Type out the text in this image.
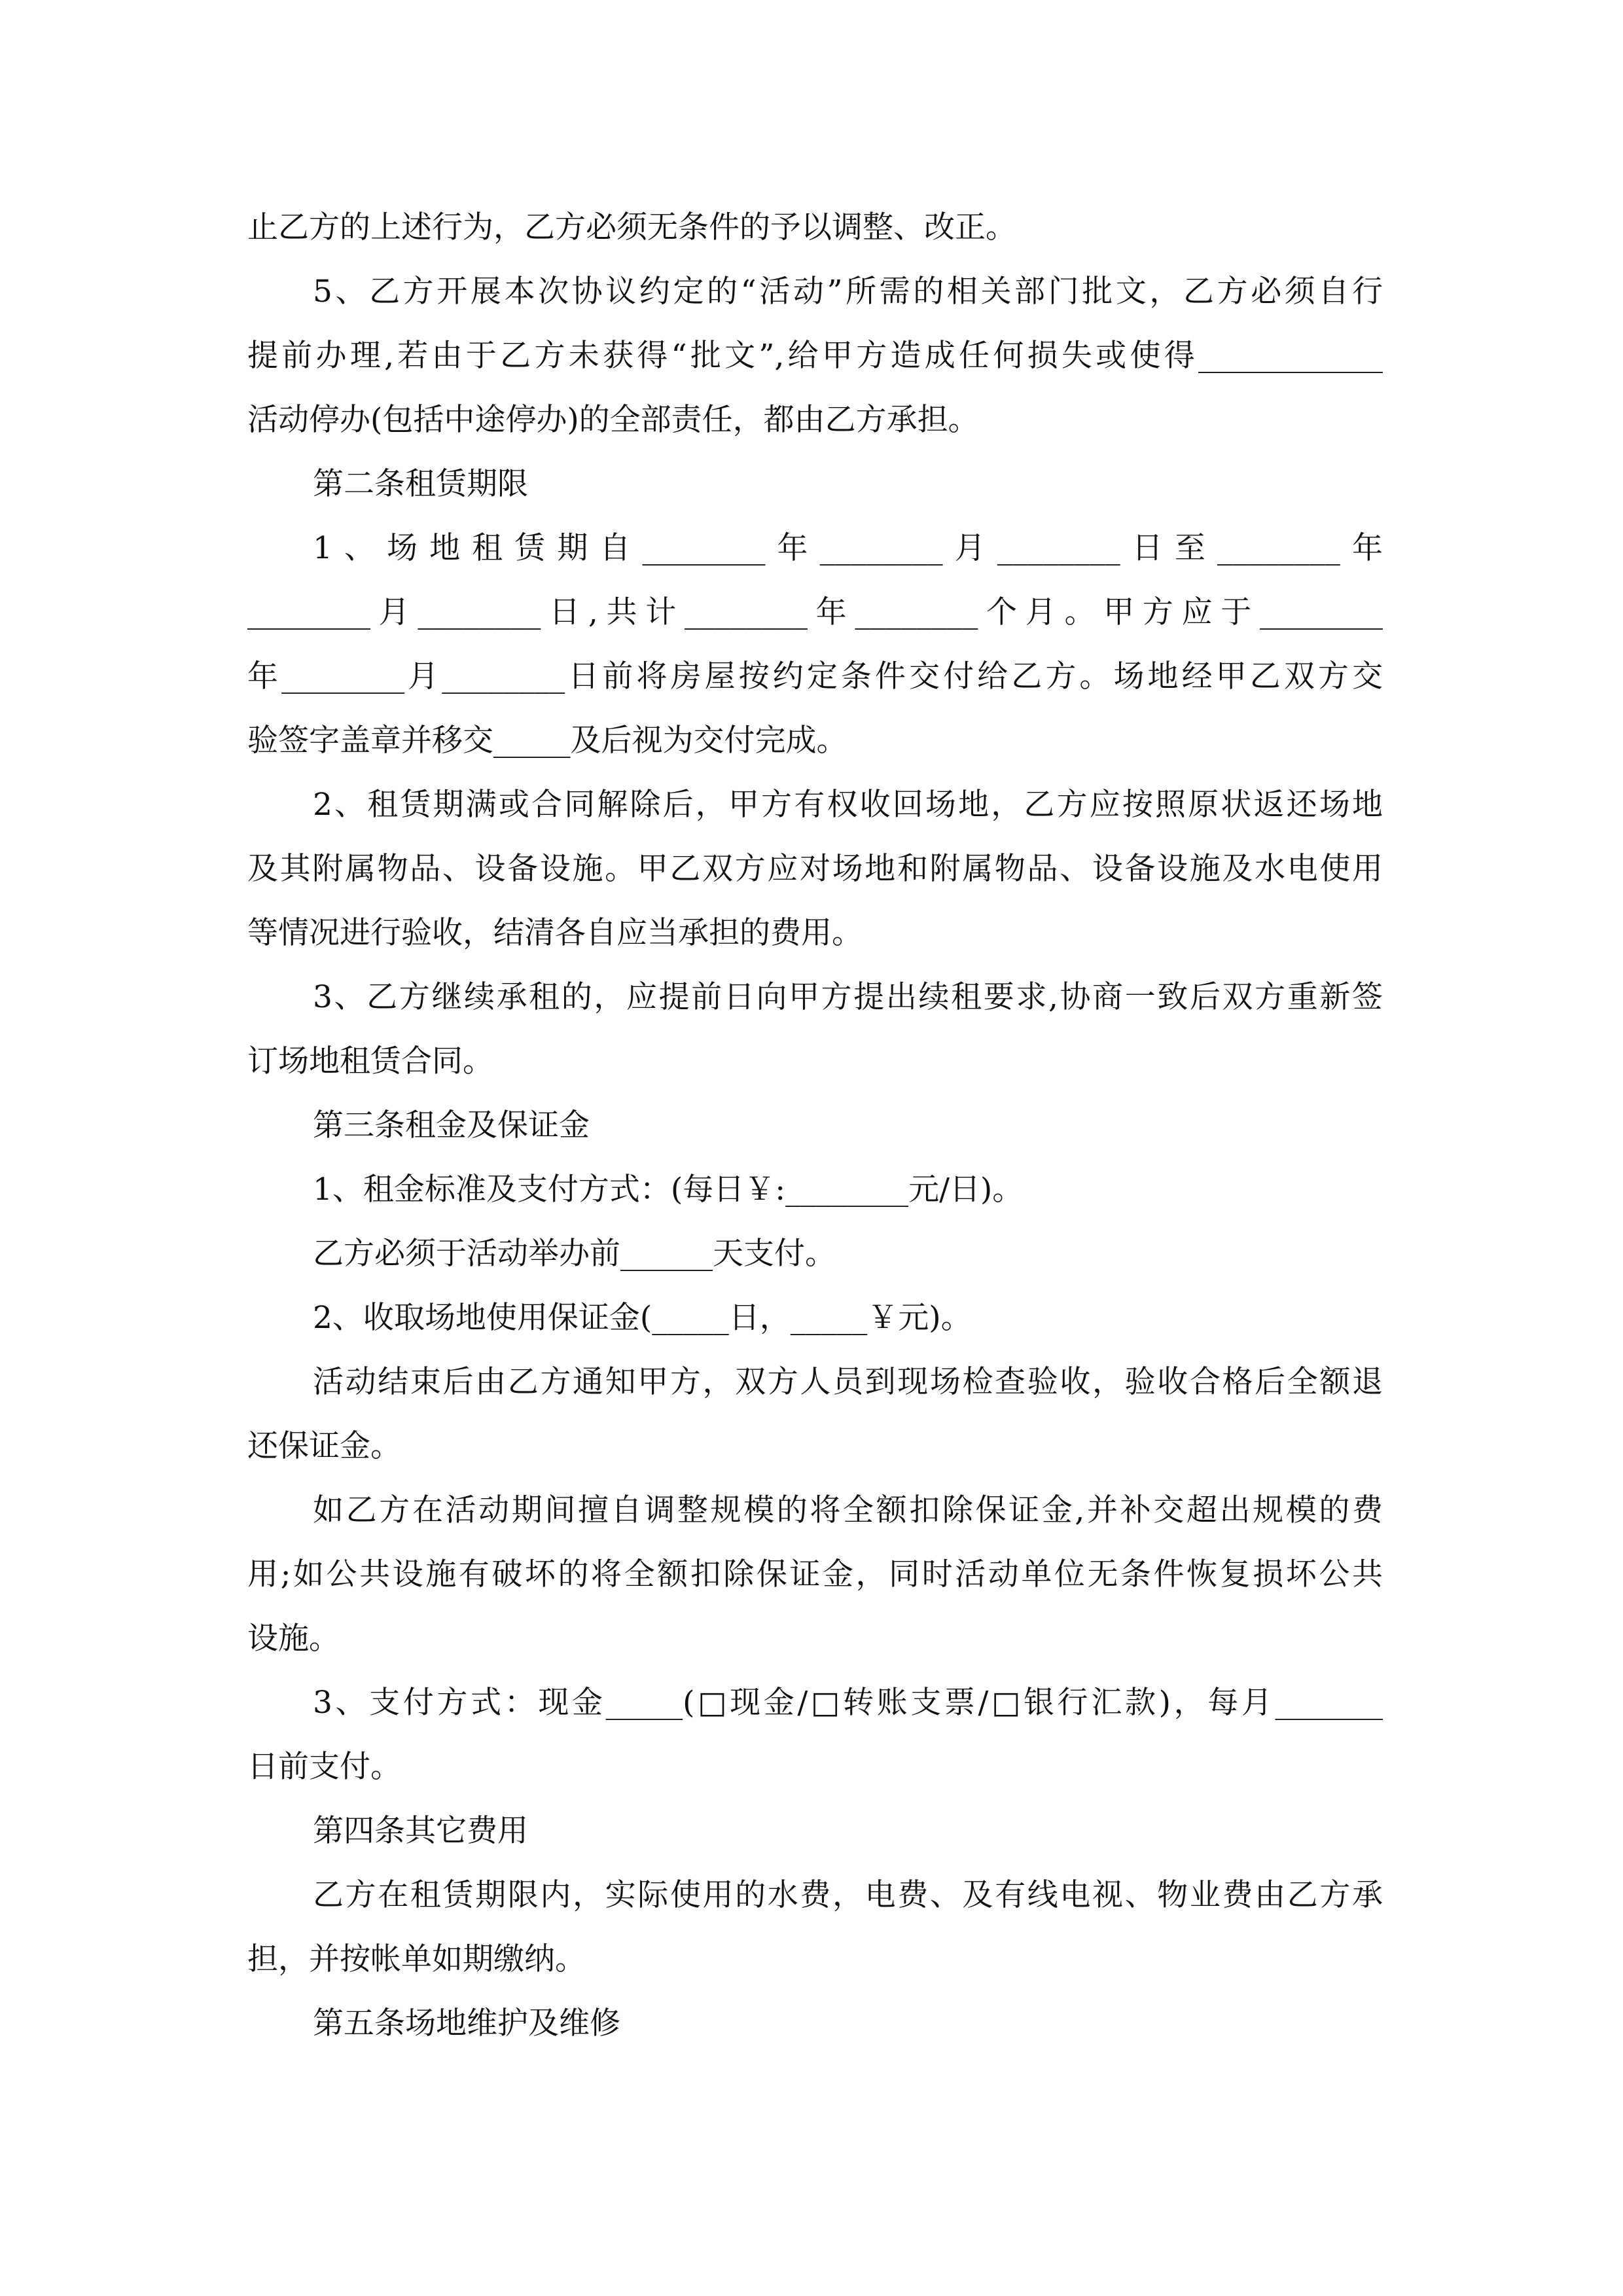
止乙方的上述行为，乙方必须无条件的予以调整、改正。
5、乙方开展本次协议约定的“活动”所需的相关部门批文，乙方必须自行
提前办理,若由于乙方未获得“批文”,给甲方造成任何损失或使得____________
活动停办(包括中途停办)的全部责任，都由乙方承担。
第二条租赁期限
1、场地租赁期自________年________月________日至________年
________月________日,共计________年________个月。甲方应于________
年________月________日前将房屋按约定条件交付给乙方。场地经甲乙双方交
验签字盖章并移交_____及后视为交付完成。
2、租赁期满或合同解除后，甲方有权收回场地，乙方应按照原状返还场地
及其附属物品、设备设施。甲乙双方应对场地和附属物品、设备设施及水电使用
等情况进行验收，结清各自应当承担的费用。
3、乙方继续承租的，应提前日向甲方提出续租要求,协商一致后双方重新签
订场地租赁合同。
第三条租金及保证金
1、租金标准及支付方式：(每日￥:________元/日)。
乙方必须于活动举办前______天支付。
2、收取场地使用保证金(_____日，_____￥元)。
活动结束后由乙方通知甲方，双方人员到现场检查验收，验收合格后全额退
还保证金。
如乙方在活动期间擅自调整规模的将全额扣除保证金,并补交超出规模的费
用;如公共设施有破坏的将全额扣除保证金，同时活动单位无条件恢复损坏公共
设施。
3、支付方式：现金_____(□现金/□转账支票/□银行汇款)，每月_______
日前支付。
第四条其它费用
乙方在租赁期限内，实际使用的水费，电费、及有线电视、物业费由乙方承
担，并按帐单如期缴纳。
第五条场地维护及维修
